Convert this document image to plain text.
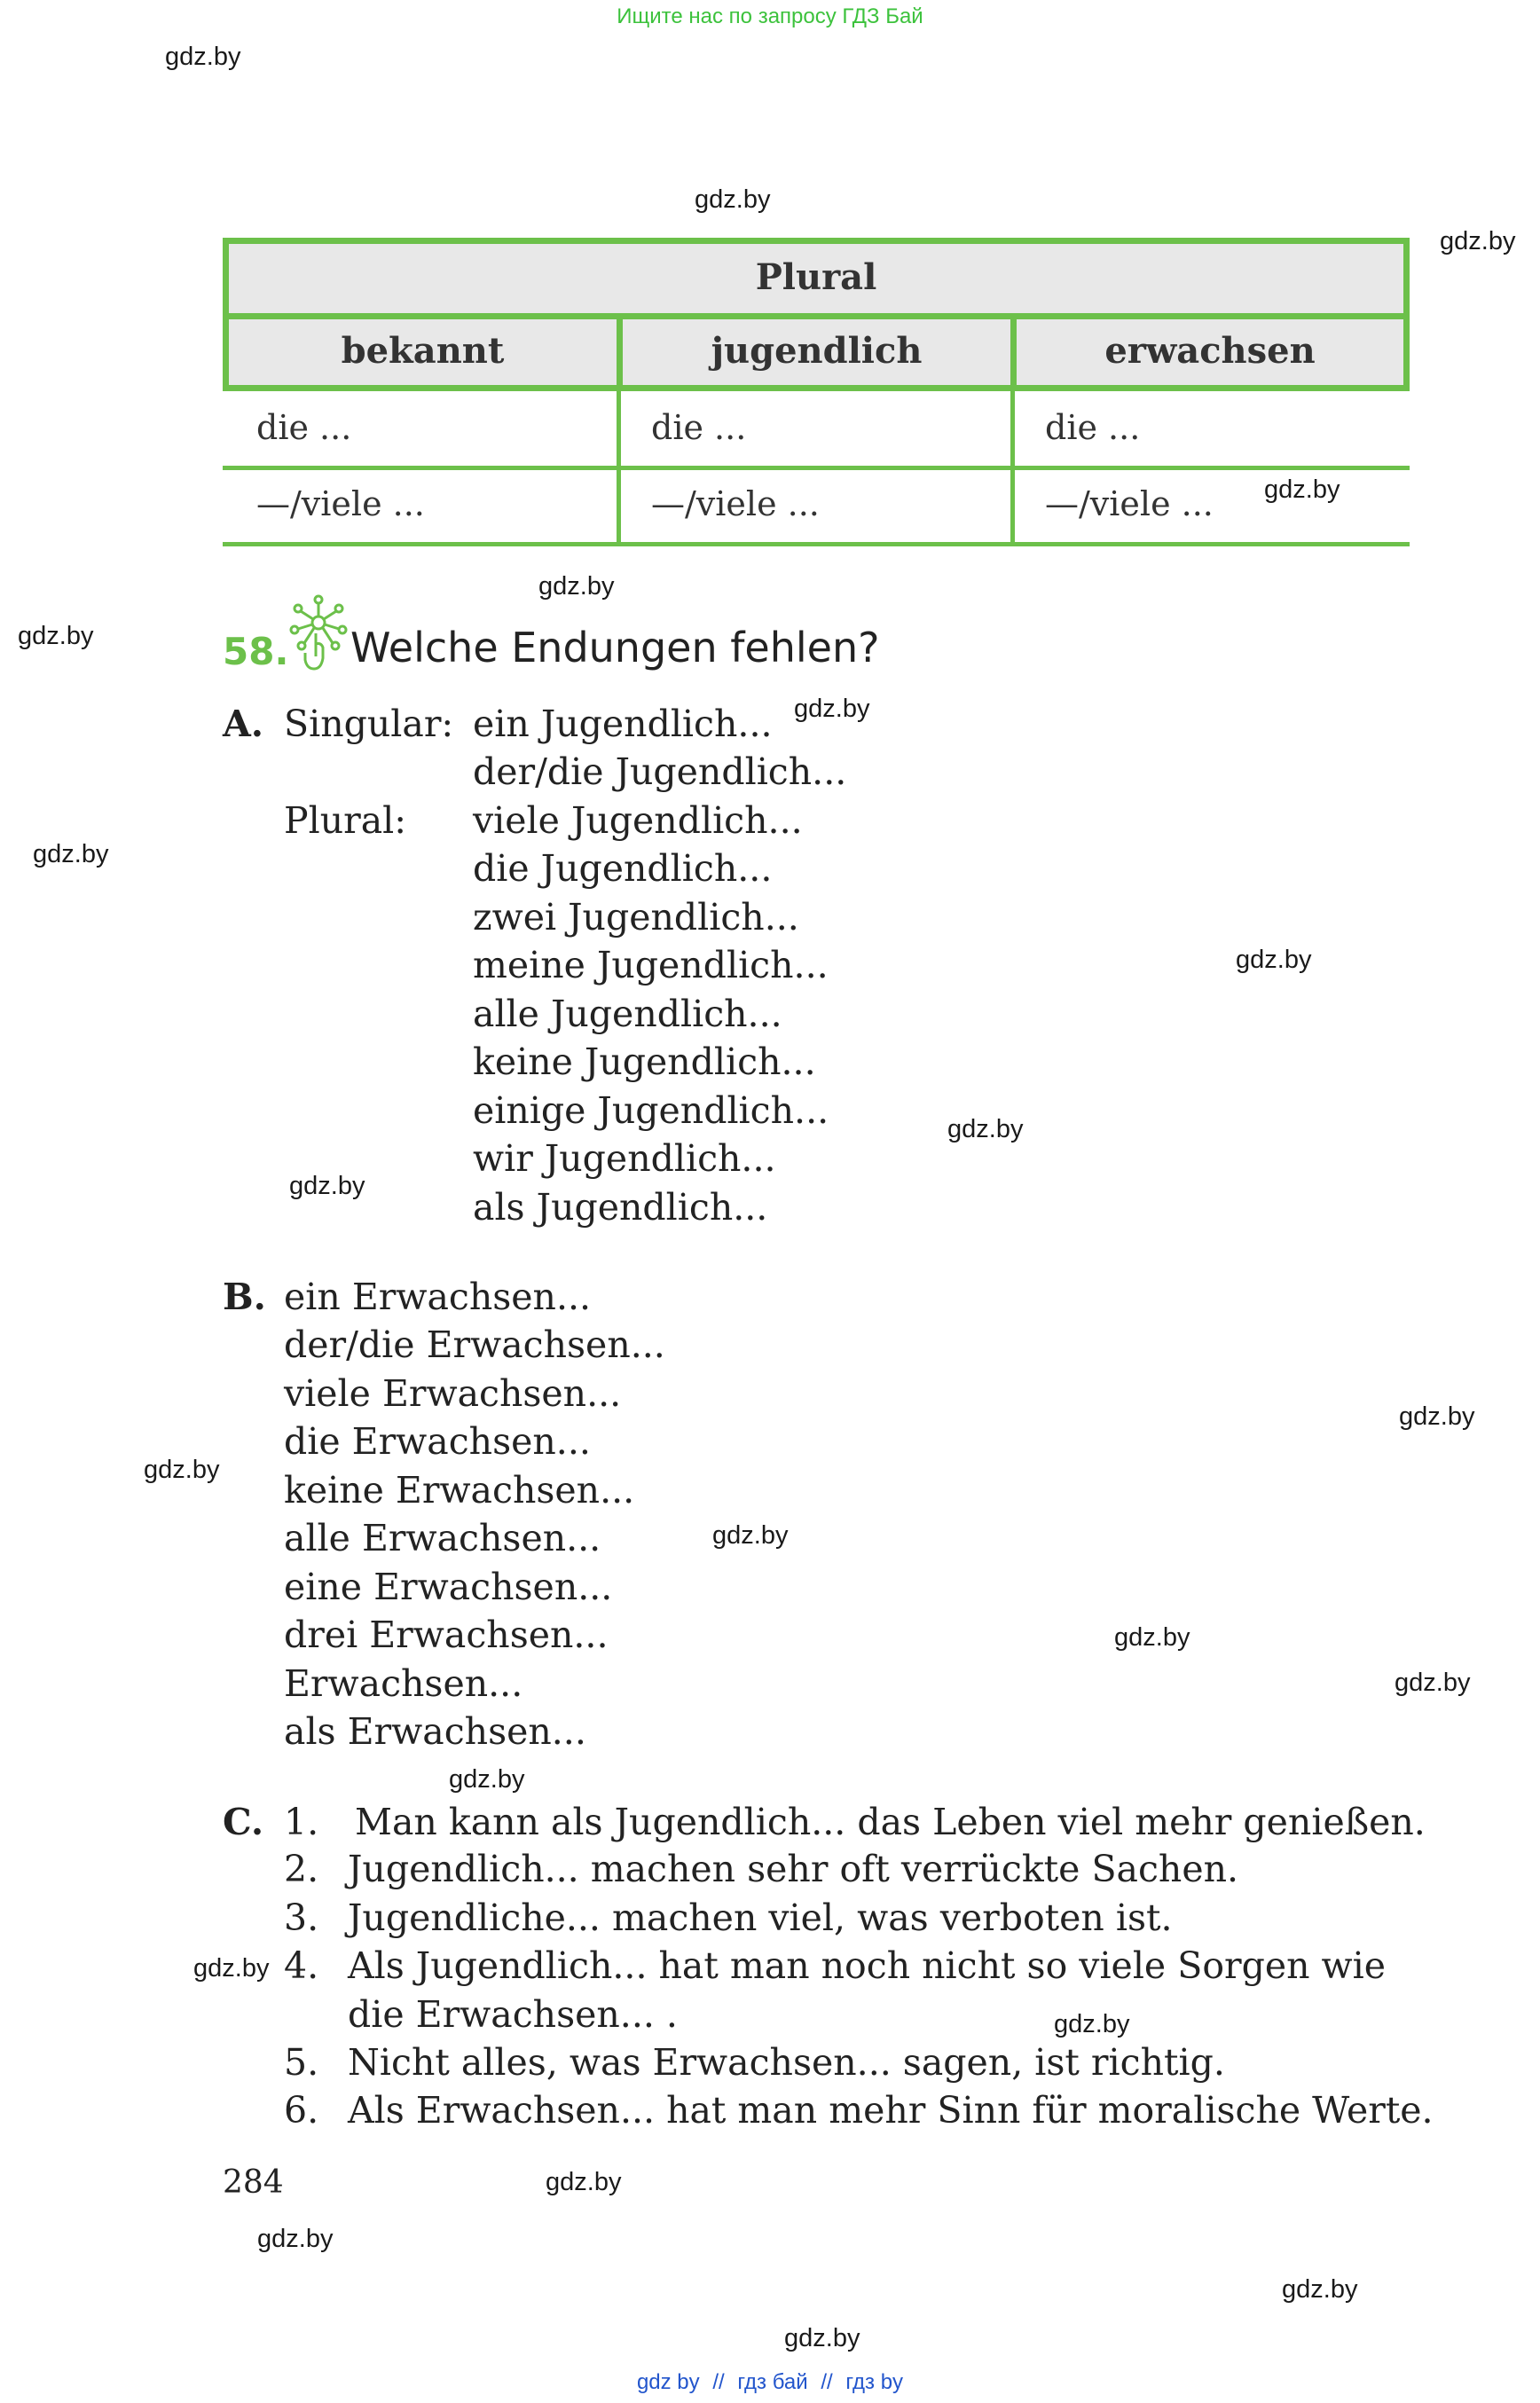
Ищите нас по запросу ГДЗ Бай
gdz.by
gdz.by
gdz.by
gdz.by
gdz.by
gdz.by
gdz.by
gdz.by
gdz.by
gdz.by
gdz.by
gdz.by
gdz.by
gdz.by
gdz.by
gdz.by
gdz.by
gdz.by
gdz.by
gdz.by
gdz.by
gdz.by
gdz.by
Plural
bekannt	jugendlich	erwachsen
die ...	die ...	die ...
—/viele ...	—/viele ...	—/viele ...
58. Welche Endungen fehlen?
A. Singular: ein Jugendlich...
der/die Jugendlich...
Plural: viele Jugendlich...
die Jugendlich...
zwei Jugendlich...
meine Jugendlich...
alle Jugendlich...
keine Jugendlich...
einige Jugendlich...
wir Jugendlich...
als Jugendlich...
B. ein Erwachsen...
der/die Erwachsen...
viele Erwachsen...
die Erwachsen...
keine Erwachsen...
alle Erwachsen...
eine Erwachsen...
drei Erwachsen...
Erwachsen...
als Erwachsen...
C. 1. Man kann als Jugendlich... das Leben viel mehr genießen.
2. Jugendlich... machen sehr oft verrückte Sachen.
3. Jugendliche... machen viel, was verboten ist.
4. Als Jugendlich... hat man noch nicht so viele Sorgen wie
die Erwachsen... .
5. Nicht alles, was Erwachsen... sagen, ist richtig.
6. Als Erwachsen... hat man mehr Sinn für moralische Werte.
284
gdz by // гдз бай // гдз by
